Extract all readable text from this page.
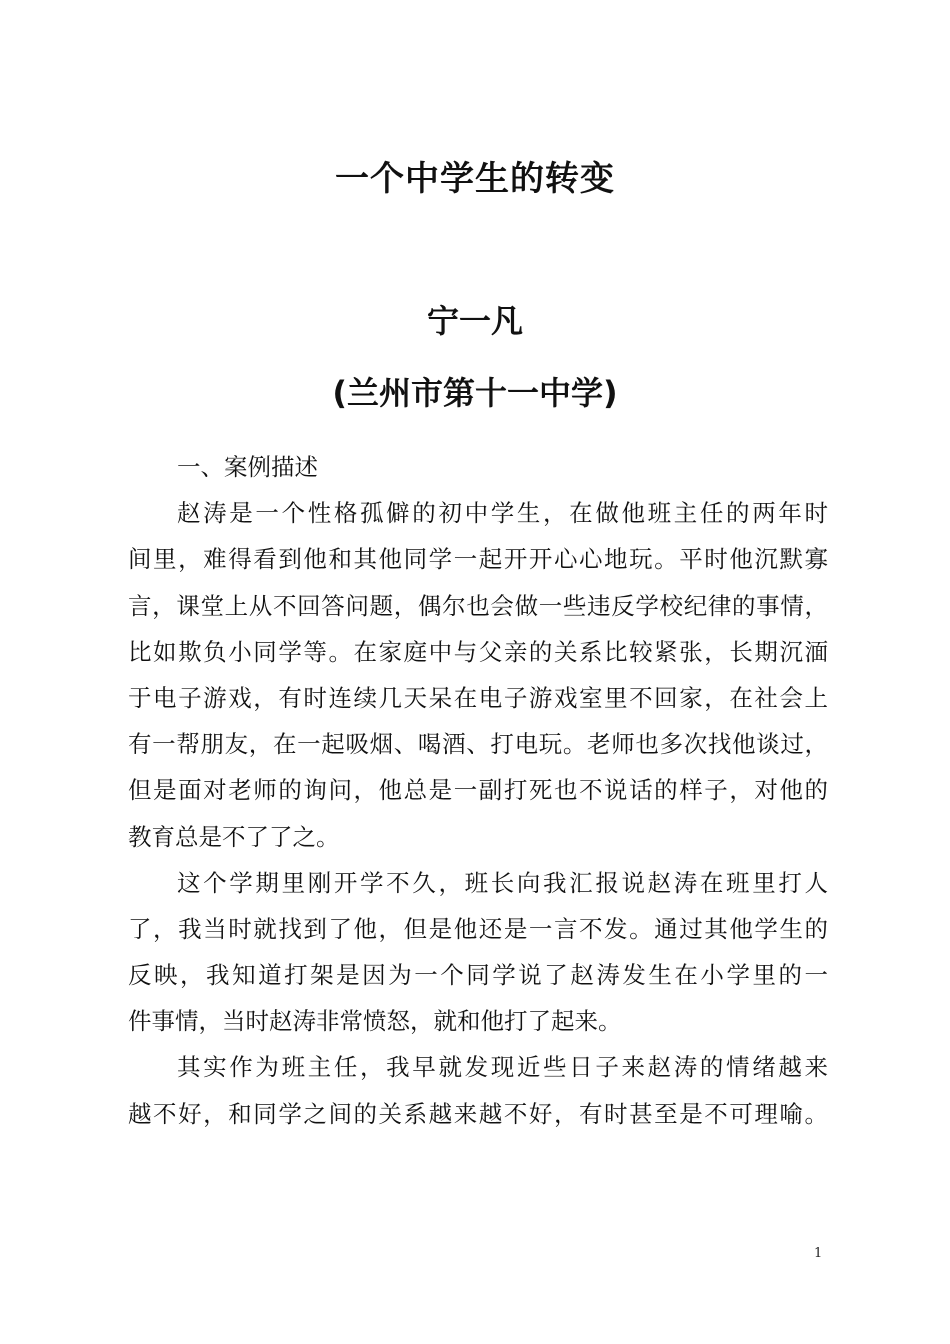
一个中学生的转变
宁一凡
(兰州市第十一中学)
一、案例描述
赵涛是一个性格孤僻的初中学生，在做他班主任的两年时
间里，难得看到他和其他同学一起开开心心地玩。平时他沉默寡
言，课堂上从不回答问题，偶尔也会做一些违反学校纪律的事情，
比如欺负小同学等。在家庭中与父亲的关系比较紧张，长期沉湎
于电子游戏，有时连续几天呆在电子游戏室里不回家，在社会上
有一帮朋友，在一起吸烟、喝酒、打电玩。老师也多次找他谈过，
但是面对老师的询问，他总是一副打死也不说话的样子，对他的
教育总是不了了之。
这个学期里刚开学不久，班长向我汇报说赵涛在班里打人
了，我当时就找到了他，但是他还是一言不发。通过其他学生的
反映，我知道打架是因为一个同学说了赵涛发生在小学里的一
件事情，当时赵涛非常愤怒，就和他打了起来。
其实作为班主任，我早就发现近些日子来赵涛的情绪越来
越不好，和同学之间的关系越来越不好，有时甚至是不可理喻。
1
